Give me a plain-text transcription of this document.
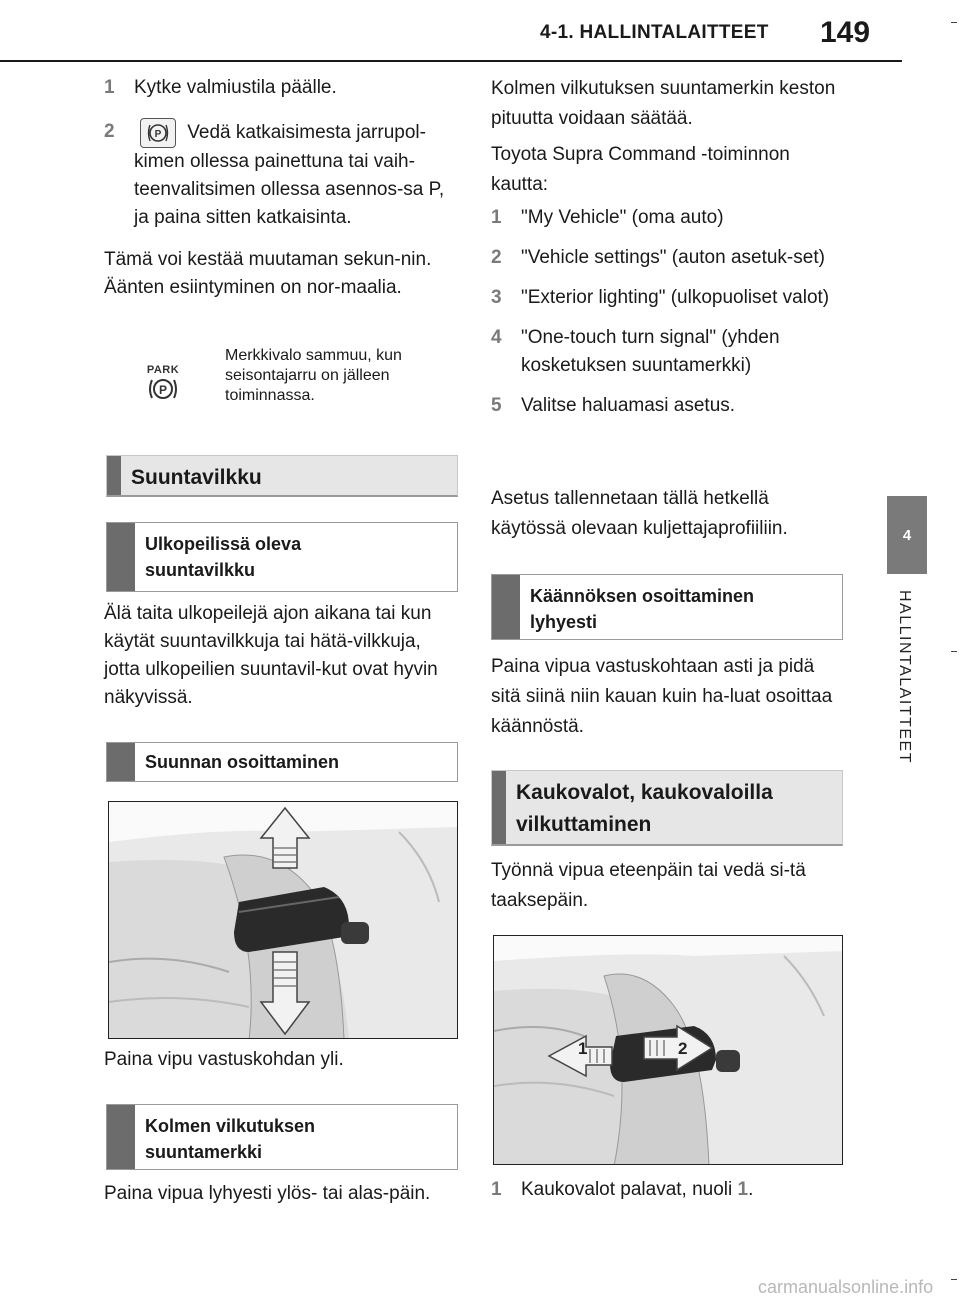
4-1. HALLINTALAITTEET 149
4
HALLINTALAITTEET
1	Kytke valmiustila päälle.
2	P Vedä katkaisimesta jarrupol-kimen ollessa painettuna tai vaih-teenvalitsimen ollessa asennos-sa P, ja paina sitten katkaisinta.

Tämä voi kestää muutaman sekun-nin. Äänten esiintyminen on nor-maalia.

PARK
P
Merkkivalo sammuu, kun seisontajarru on jälleen toiminnassa.
Suuntavilkku
Ulkopeilissä oleva suuntavilkku

Älä taita ulkopeilejä ajon aikana tai kun käytät suuntavilkkuja tai hätä-vilkkuja, jotta ulkopeilien suuntavil-kut ovat hyvin näkyvissä.

Suunnan osoittaminen

Paina vipu vastuskohdan yli.

Kolmen vilkutuksen suuntamerkki

Paina vipua lyhyesti ylös- tai alas-päin.

Kolmen vilkutuksen suuntamerkin keston pituutta voidaan säätää.

Toyota Supra Command -toiminnon kautta:

1	"My Vehicle" (oma auto)
2	"Vehicle settings" (auton asetuk-set)
3	"Exterior lighting" (ulkopuoliset valot)
4	"One-touch turn signal" (yhden kosketuksen suuntamerkki)
5	Valitse haluamasi asetus.

Asetus tallennetaan tällä hetkellä käytössä olevaan kuljettajaprofiiliin.

Käännöksen osoittaminen lyhyesti

Paina vipua vastuskohtaan asti ja pidä sitä siinä niin kauan kuin ha-luat osoittaa käännöstä.

Kaukovalot, kaukovaloilla vilkuttaminen

Työnnä vipua eteenpäin tai vedä si-tä taaksepäin.

1	2
1	Kaukovalot palavat, nuoli 1.
carmanualsonline.info
